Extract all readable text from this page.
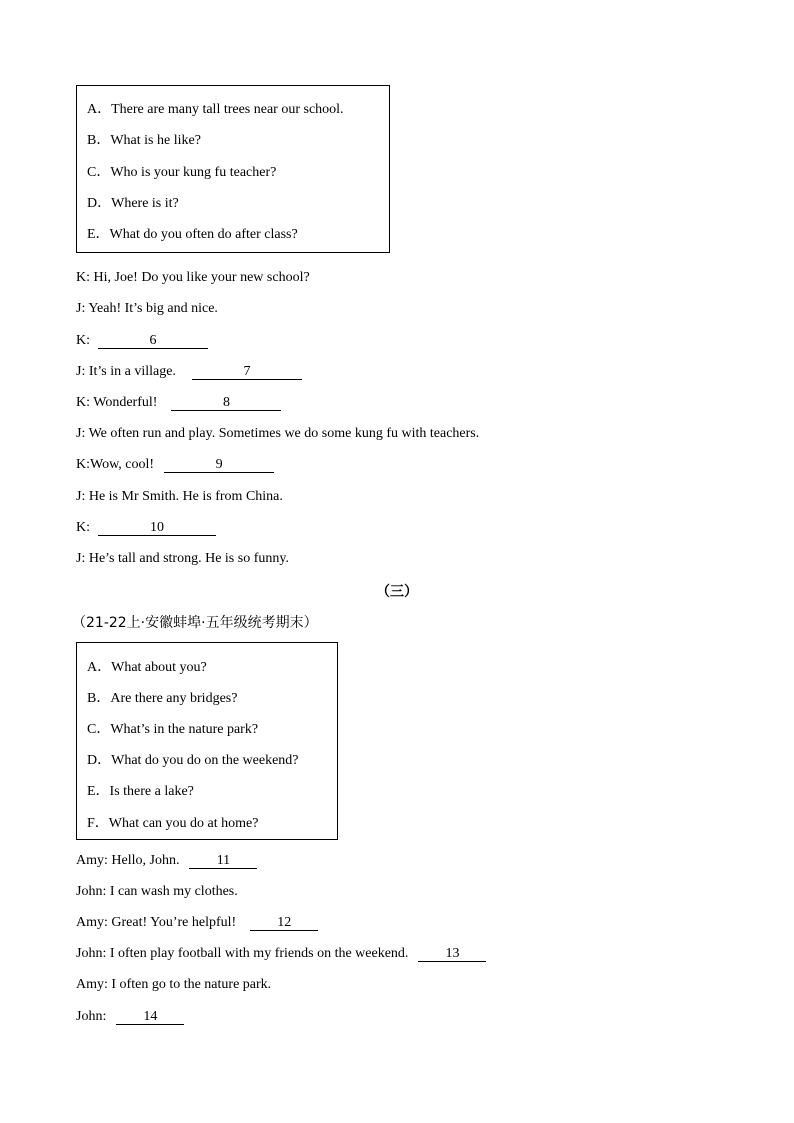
A．There are many tall trees near our school.
B．What is he like?
C．Who is your kung fu teacher?
D．Where is it?
E．What do you often do after class?
K: Hi, Joe! Do you like your new school?
J: Yeah! It’s big and nice.
K:	6
J: It’s in a village.	7
K: Wonderful!	8
J: We often run and play. Sometimes we do some kung fu with teachers.
K:Wow, cool!	9
J: He is Mr Smith. He is from China.
K:	10
J: He’s tall and strong. He is so funny.
（三）
（21-22上·安徽蚌埠·五年级统考期末）
A．What about you?
B．Are there any bridges?
C．What’s in the nature park?
D．What do you do on the weekend?
E．Is there a lake?
F．What can you do at home?
Amy: Hello, John.	11
John: I can wash my clothes.
Amy: Great! You’re helpful!	12
John: I often play football with my friends on the weekend.	13
Amy: I often go to the nature park.
John:	14
